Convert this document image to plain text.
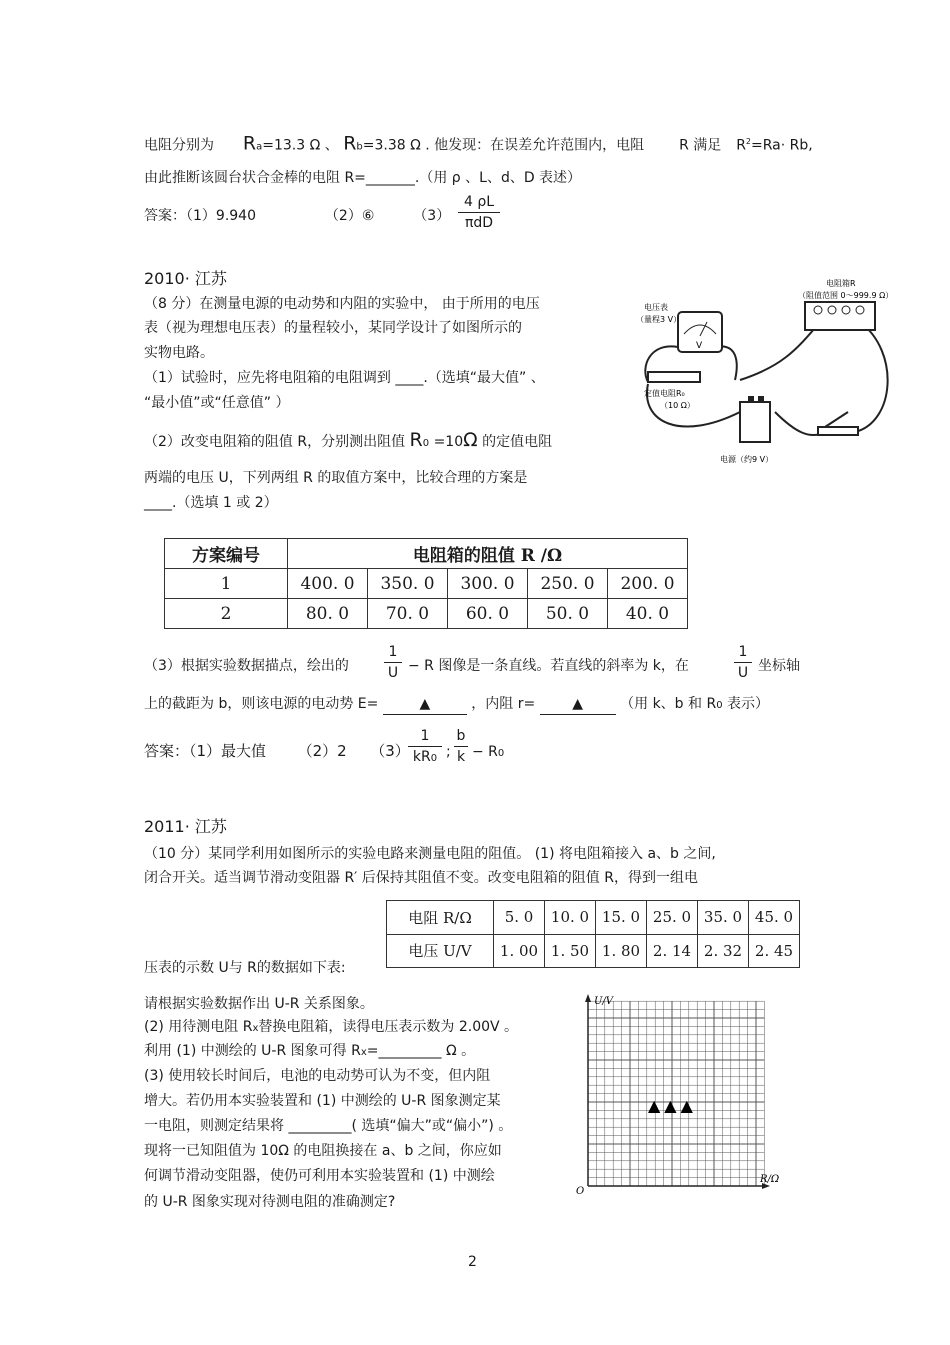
电阻分别为 Ra=13.3 Ω 、 Rb=3.38 Ω . 他发现：在误差允许范围内，电阻 R 满足 $R^2=Ra\cdot Rb$,
由此推断该圆台状合金棒的电阻 R=_______.（用 ρ 、L、d、D 表述）
答案：（1）9.940	（2）⑥	（3）
4 ρL
πdD
2010· 江苏
（8 分）在测量电源的电动势和内阻的实验中， 由于所用的电压
表（视为理想电压表）的量程较小，某同学设计了如图所示的
实物电路。
（1）试验时，应先将电阻箱的电阻调到 ____.（选填“最大值” 、
“最小值”或“任意值” ）
（2）改变电阻箱的阻值 R，分别测出阻值 R0 =10Ω 的定值电阻
两端的电压 U，下列两组 R 的取值方案中，比较合理的方案是
____.（选填 1 或 2）
V
电压表
（量程3 V）
电阻箱R
（阻值范围 0～999.9 Ω）
定值电阻R₀
（10 Ω）
电源（约9 V）
方案编号	电阻箱的阻值 R /Ω				
1	400. 0	350. 0	300. 0	250. 0	200. 0
2	80. 0	70. 0	60. 0	50. 0	40. 0
（3）根据实验数据描点，绘出的
1
U − R 图像是一条直线。若直线的斜率为 k，在
1
U 坐标轴
上的截距为 b，则该电源的电动势 E=	▲	，内阻 r=	▲	（用 k、b 和 R0 表示）
答案：（1）最大值 （2）2 （3）
1
kR0 ;
b
k − R0
2011· 江苏
（10 分）某同学利用如图所示的实验电路来测量电阻的阻值。 (1) 将电阻箱接入 a、b 之间,
闭合开关。适当调节滑动变阻器 R′ 后保持其阻值不变。改变电阻箱的阻值 R，得到一组电
电阻 R/Ω	5. 0	10. 0	15. 0	25. 0	35. 0	45. 0
电压 U/V	1. 00	1. 50	1. 80	2. 14	2. 32	2. 45
压表的示数 U与 R的数据如下表:
请根据实验数据作出 U-R 关系图象。
(2) 用待测电阻 Rx替换电阻箱，读得电压表示数为 2.00V 。
利用 (1) 中测绘的 U-R 图象可得 Rx=_________ Ω 。
(3) 使用较长时间后，电池的电动势可认为不变，但内阻
增大。若仍用本实验装置和 (1) 中测绘的 U-R 图象测定某
一电阻，则测定结果将 _________( 选填“偏大”或“偏小”) 。
现将一已知阻值为 10Ω 的电阻换接在 a、b 之间，你应如
何调节滑动变阻器，使仍可利用本实验装置和 (1) 中测绘
的 U-R 图象实现对待测电阻的准确测定?
U/V
R/Ω
O
▲▲▲
2
